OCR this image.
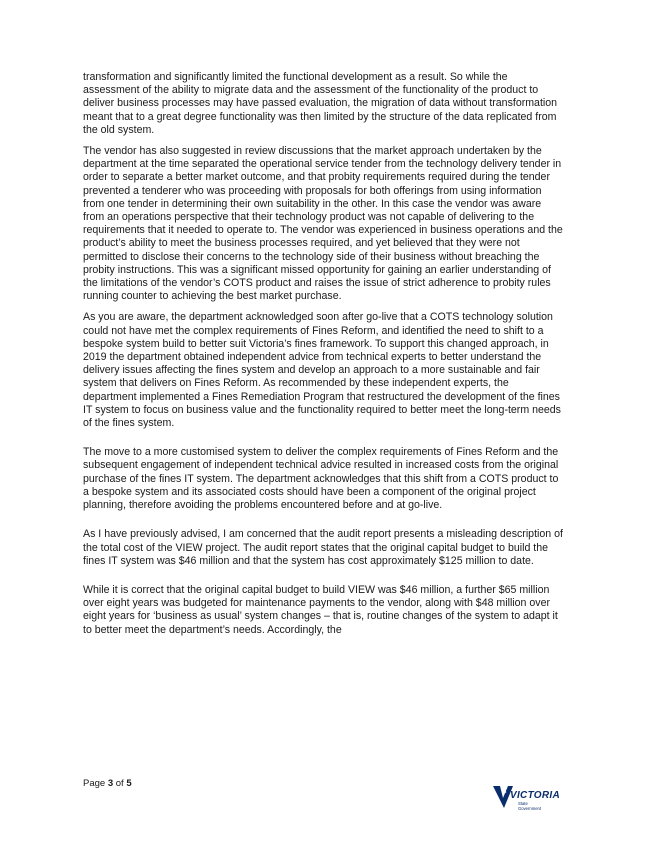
transformation and significantly limited the functional development as a result. So while the assessment of the ability to migrate data and the assessment of the functionality of the product to deliver business processes may have passed evaluation, the migration of data without transformation meant that to a great degree functionality was then limited by the structure of the data replicated from the old system.

The vendor has also suggested in review discussions that the market approach undertaken by the department at the time separated the operational service tender from the technology delivery tender in order to separate a better market outcome, and that probity requirements required during the tender prevented a tenderer who was proceeding with proposals for both offerings from using information from one tender in determining their own suitability in the other. In this case the vendor was aware from an operations perspective that their technology product was not capable of delivering to the requirements that it needed to operate to. The vendor was experienced in business operations and the product’s ability to meet the business processes required, and yet believed that they were not permitted to disclose their concerns to the technology side of their business without breaching the probity instructions. This was a significant missed opportunity for gaining an earlier understanding of the limitations of the vendor’s COTS product and raises the issue of strict adherence to probity rules running counter to achieving the best market purchase.

As you are aware, the department acknowledged soon after go-live that a COTS technology solution could not have met the complex requirements of Fines Reform, and identified the need to shift to a bespoke system build to better suit Victoria’s fines framework. To support this changed approach, in 2019 the department obtained independent advice from technical experts to better understand the delivery issues affecting the fines system and develop an approach to a more sustainable and fair system that delivers on Fines Reform. As recommended by these independent experts, the department implemented a Fines Remediation Program that restructured the development of the fines IT system to focus on business value and the functionality required to better meet the long-term needs of the fines system.

The move to a more customised system to deliver the complex requirements of Fines Reform and the subsequent engagement of independent technical advice resulted in increased costs from the original purchase of the fines IT system. The department acknowledges that this shift from a COTS product to a bespoke system and its associated costs should have been a component of the original project planning, therefore avoiding the problems encountered before and at go-live.

As I have previously advised, I am concerned that the audit report presents a misleading description of the total cost of the VIEW project. The audit report states that the original capital budget to build the fines IT system was $46 million and that the system has cost approximately $125 million to date.

While it is correct that the original capital budget to build VIEW was $46 million, a further $65 million over eight years was budgeted for maintenance payments to the vendor, along with $48 million over eight years for ‘business as usual’ system changes – that is, routine changes of the system to adapt it to better meet the department’s needs. Accordingly, the

Page 3 of 5
VICTORIA
State
Government
